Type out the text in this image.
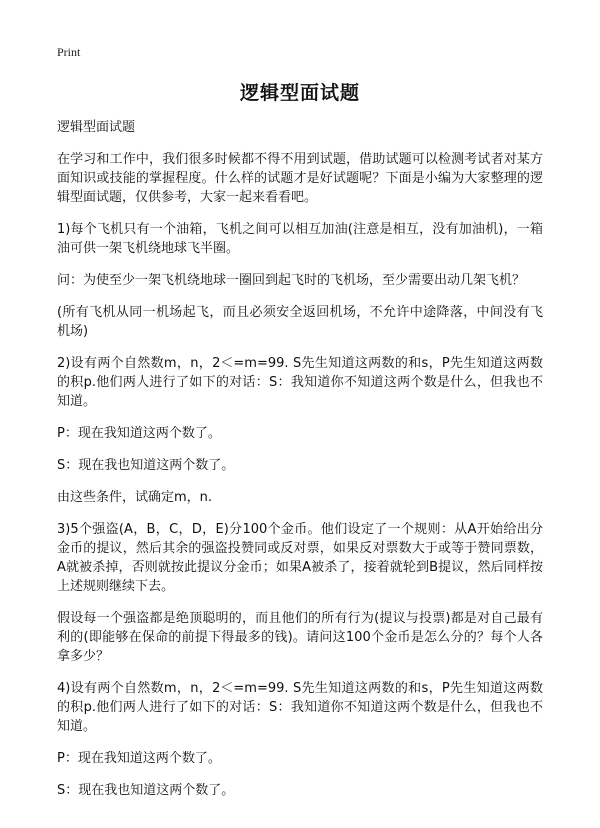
Print

逻辑型面试题

逻辑型面试题

在学习和工作中，我们很多时候都不得不用到试题，借助试题可以检测考试者对某方面知识或技能的掌握程度。什么样的试题才是好试题呢？下面是小编为大家整理的逻辑型面试题，仅供参考，大家一起来看看吧。

1)每个飞机只有一个油箱，飞机之间可以相互加油(注意是相互，没有加油机)，一箱油可供一架飞机绕地球飞半圈。

问：为使至少一架飞机绕地球一圈回到起飞时的飞机场，至少需要出动几架飞机？

(所有飞机从同一机场起飞，而且必须安全返回机场，不允许中途降落，中间没有飞机场)

2)设有两个自然数m，n，2＜=m=99. S先生知道这两数的和s，P先生知道这两数的积p.他们两人进行了如下的对话：S：我知道你不知道这两个数是什么，但我也不知道。

P：现在我知道这两个数了。

S：现在我也知道这两个数了。

由这些条件，试确定m，n.

3)5个强盗(A，B，C，D，E)分100个金币。他们设定了一个规则：从A开始给出分金币的提议，然后其余的强盗投赞同或反对票，如果反对票数大于或等于赞同票数，A就被杀掉，否则就按此提议分金币；如果A被杀了，接着就轮到B提议，然后同样按上述规则继续下去。

假设每一个强盗都是绝顶聪明的，而且他们的所有行为(提议与投票)都是对自己最有利的(即能够在保命的前提下得最多的钱)。请问这100个金币是怎么分的？每个人各拿多少？

4)设有两个自然数m，n，2＜=m=99. S先生知道这两数的和s，P先生知道这两数的积p.他们两人进行了如下的对话：S：我知道你不知道这两个数是什么，但我也不知道。

P：现在我知道这两个数了。

S：现在我也知道这两个数了。
